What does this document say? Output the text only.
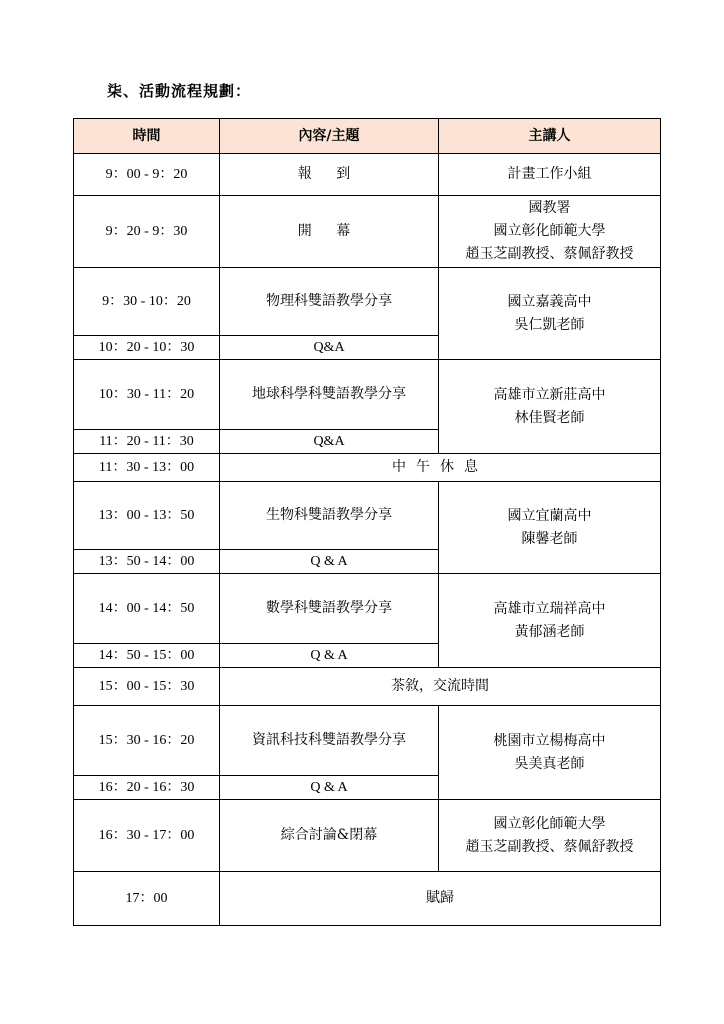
柒、活動流程規劃：
時間	內容/主題	主講人
9：00 - 9：20	報 到	計畫工作小組
9：20 - 9：30	開 幕	國教署
國立彰化師範大學
趙玉芝副教授、蔡佩舒教授

9：30 - 10：20	物理科雙語教學分享	國立嘉義高中
吳仁凱老師

10：20 - 10：30	Q&A	
10：30 - 11：20	地球科學科雙語教學分享	高雄市立新莊高中
林佳賢老師

11：20 - 11：30	Q&A	
11：30 - 13：00	中午休息	
13：00 - 13：50	生物科雙語教學分享	國立宜蘭高中
陳馨老師

13：50 - 14：00	Q & A	
14：00 - 14：50	數學科雙語教學分享	高雄市立瑞祥高中
黃郁涵老師

14：50 - 15：00	Q & A	
15：00 - 15：30	茶敘，交流時間	
15：30 - 16：20	資訊科技科雙語教學分享	桃園市立楊梅高中
吳美真老師

16：20 - 16：30	Q & A	
16：30 - 17：00	綜合討論&閉幕	國立彰化師範大學
趙玉芝副教授、蔡佩舒教授

17：00	賦歸	
